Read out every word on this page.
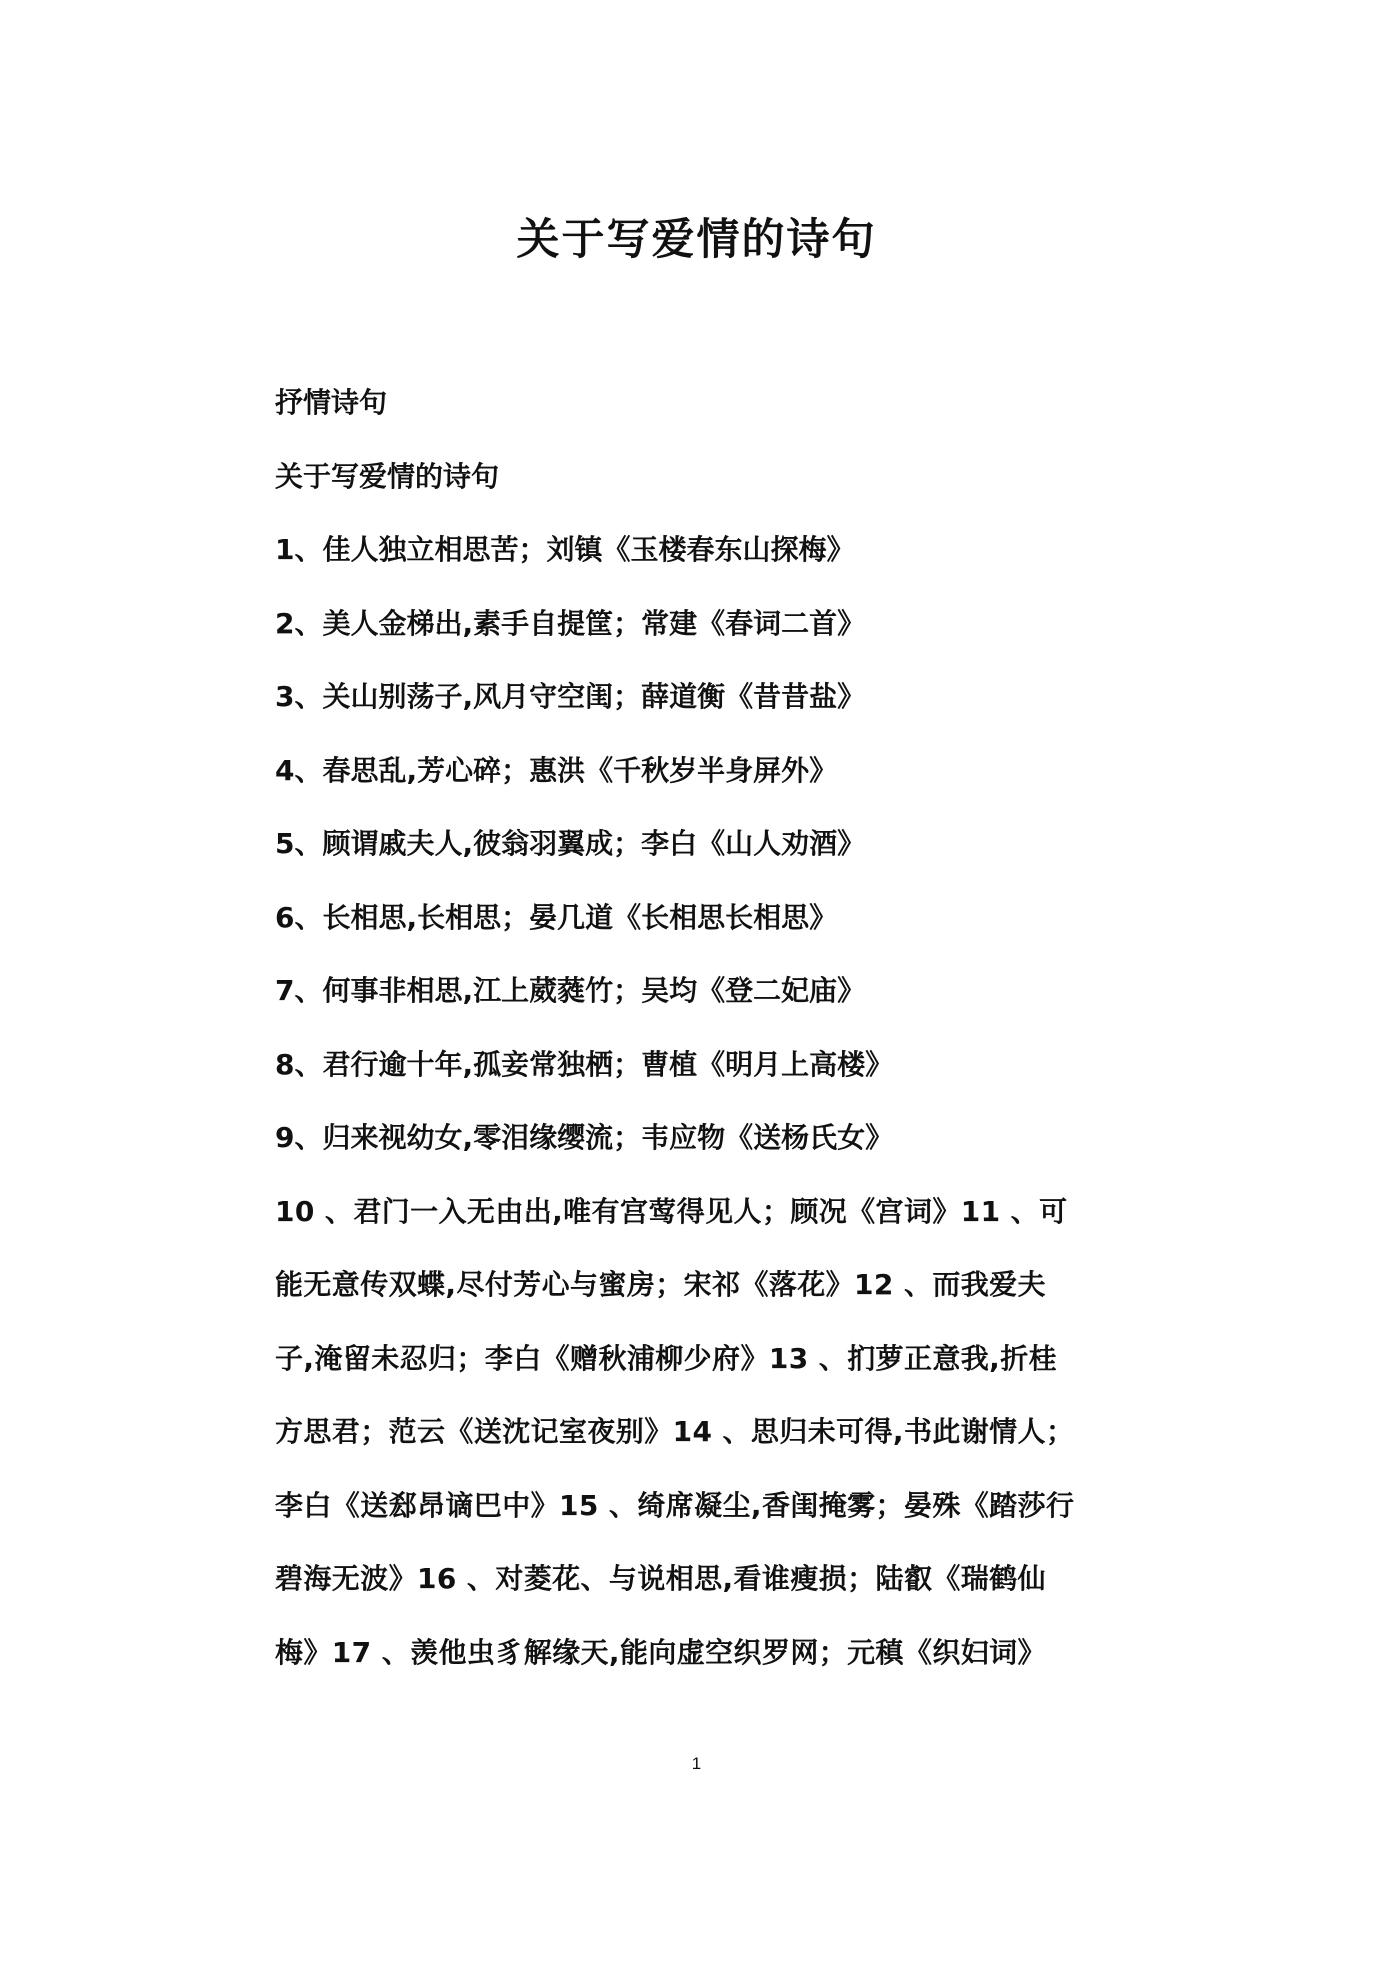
关于写爱情的诗句
抒情诗句
关于写爱情的诗句
1、佳人独立相思苦；刘镇《玉楼春东山探梅》
2、美人金梯出,素手自提筐；常建《春词二首》
3、关山别荡子,风月守空闺；薛道衡《昔昔盐》
4、春思乱,芳心碎；惠洪《千秋岁半身屏外》
5、顾谓戚夫人,彼翁羽翼成；李白《山人劝酒》
6、长相思,长相思；晏几道《长相思长相思》
7、何事非相思,江上葳蕤竹；吴均《登二妃庙》
8、君行逾十年,孤妾常独栖；曹植《明月上高楼》
9、归来视幼女,零泪缘缨流；韦应物《送杨氏女》
10 、君门一入无由出,唯有宫莺得见人；顾况《宫词》11 、可能无意传双蝶,尽付芳心与蜜房；宋祁《落花》12 、而我爱夫子,淹留未忍归；李白《赠秋浦柳少府》13 、扪萝正意我,折桂方思君；范云《送沈记室夜别》14 、思归未可得,书此谢情人；李白《送郄昂谪巴中》15 、绮席凝尘,香闺掩雾；晏殊《踏莎行碧海无波》16 、对菱花、与说相思,看谁瘦损；陆叡《瑞鹤仙梅》17 、羡他虫豸解缘天,能向虚空织罗网；元稹《织妇词》
1
